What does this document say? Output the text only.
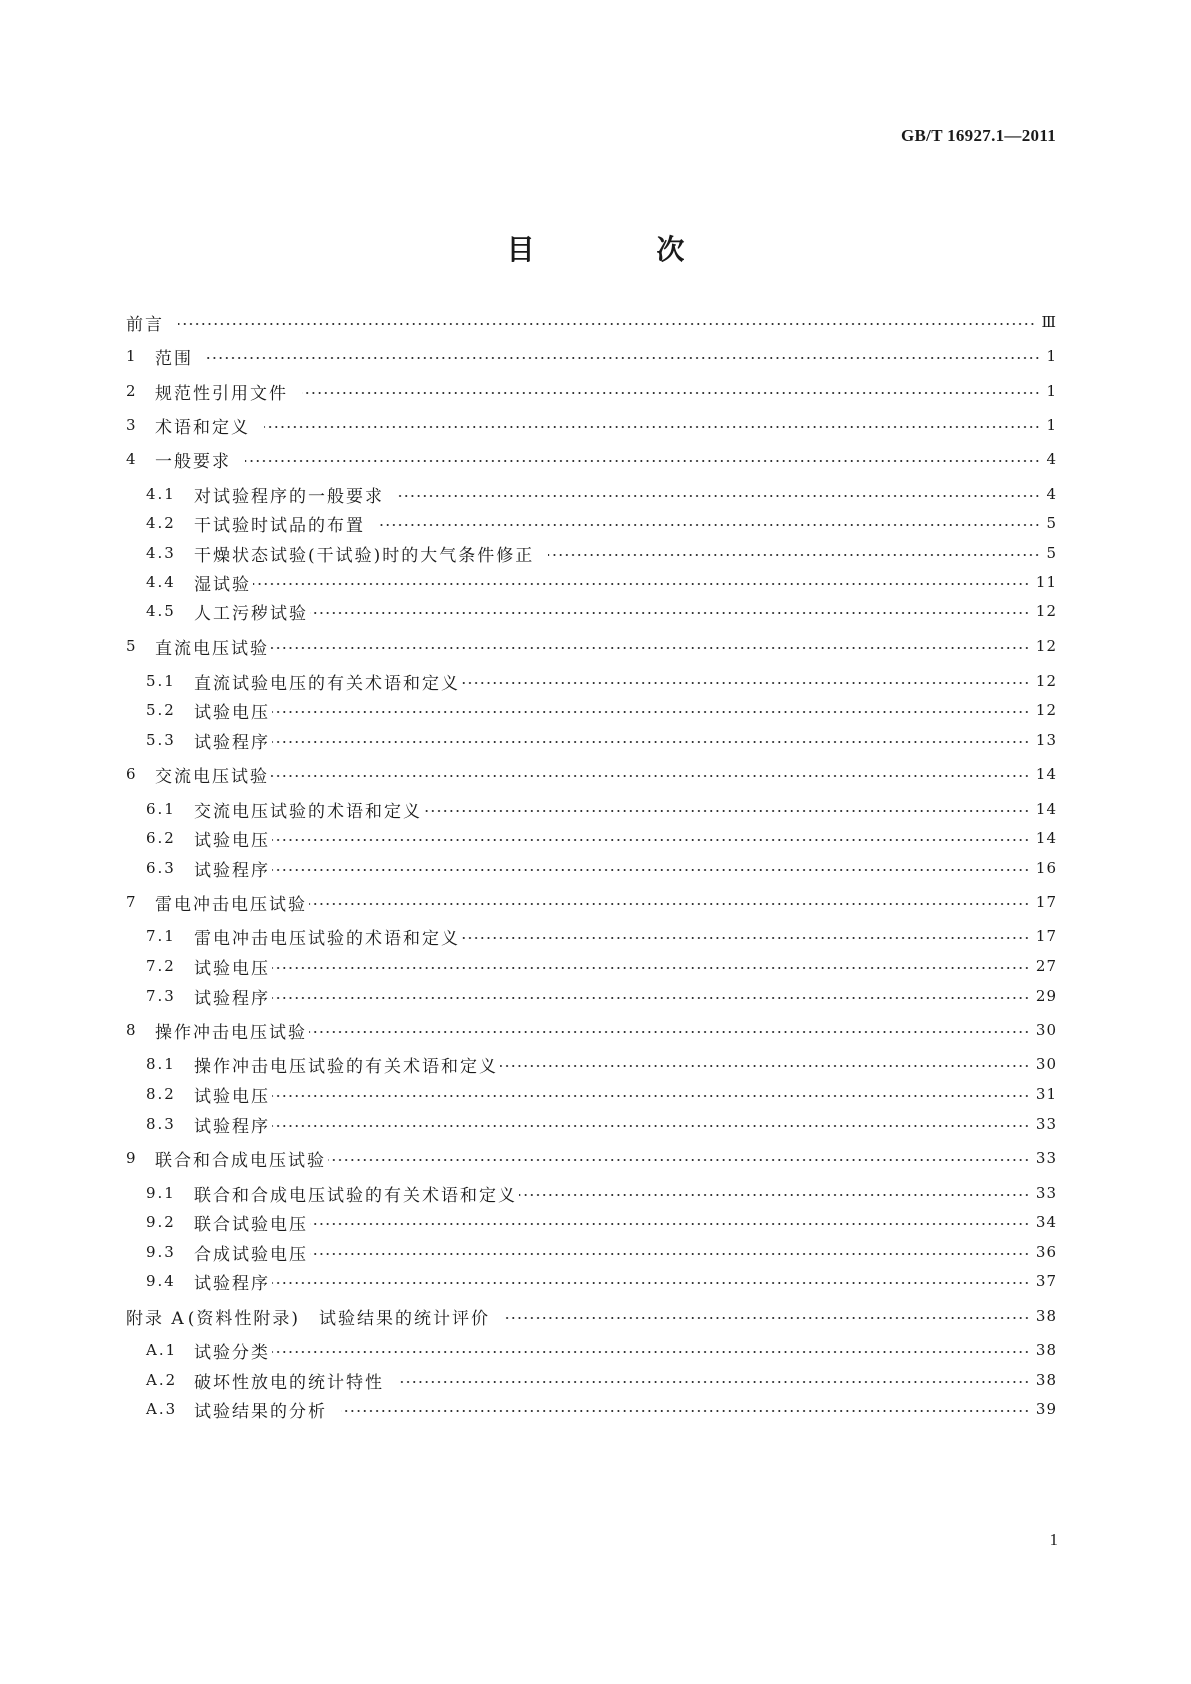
GB/T 16927.1—2011
目 次
前言	Ⅲ
1	范围	1
2	规范性引用文件	1
3	术语和定义	1
4	一般要求	4
4.1	对试验程序的一般要求	4
4.2	干试验时试品的布置	5
4.3	干燥状态试验(干试验)时的大气条件修正	5
4.4	湿试验	11
4.5	人工污秽试验	12
5	直流电压试验	12
5.1	直流试验电压的有关术语和定义	12
5.2	试验电压	12
5.3	试验程序	13
6	交流电压试验	14
6.1	交流电压试验的术语和定义	14
6.2	试验电压	14
6.3	试验程序	16
7	雷电冲击电压试验	17
7.1	雷电冲击电压试验的术语和定义	17
7.2	试验电压	27
7.3	试验程序	29
8	操作冲击电压试验	30
8.1	操作冲击电压试验的有关术语和定义	30
8.2	试验电压	31
8.3	试验程序	33
9	联合和合成电压试验	33
9.1	联合和合成电压试验的有关术语和定义	33
9.2	联合试验电压	34
9.3	合成试验电压	36
9.4	试验程序	37
附录 A (资料性附录)　试验结果的统计评价	38
A.1 试验分类	38
A.2 破坏性放电的统计特性	38
A.3 试验结果的分析	39
1
